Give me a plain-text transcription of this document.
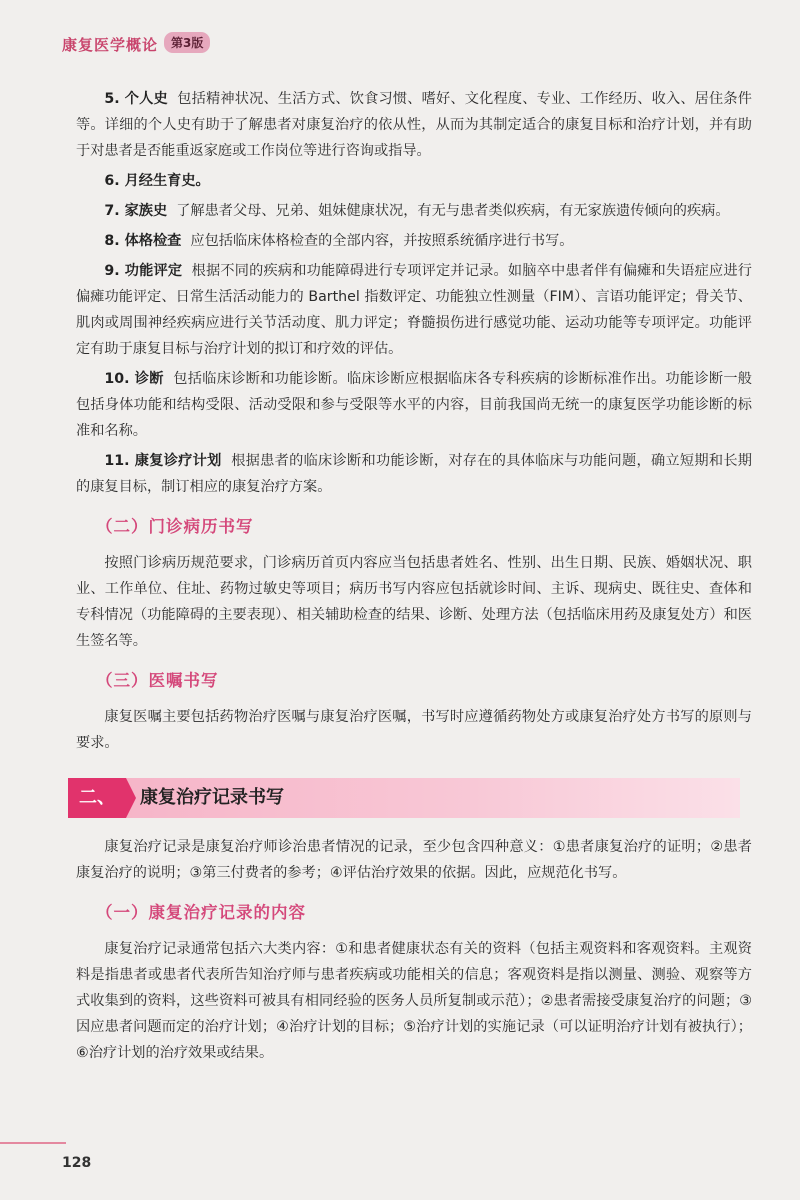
康复医学概论	第3版

5. 个人史 包括精神状况、生活方式、饮食习惯、嗜好、文化程度、专业、工作经历、收入、居住条件等。详细的个人史有助于了解患者对康复治疗的依从性，从而为其制定适合的康复目标和治疗计划，并有助于对患者是否能重返家庭或工作岗位等进行咨询或指导。

6. 月经生育史。

7. 家族史 了解患者父母、兄弟、姐妹健康状况，有无与患者类似疾病，有无家族遗传倾向的疾病。

8. 体格检查 应包括临床体格检查的全部内容，并按照系统循序进行书写。

9. 功能评定 根据不同的疾病和功能障碍进行专项评定并记录。如脑卒中患者伴有偏瘫和失语症应进行偏瘫功能评定、日常生活活动能力的 Barthel 指数评定、功能独立性测量（FIM）、言语功能评定；骨关节、肌肉或周围神经疾病应进行关节活动度、肌力评定；脊髓损伤进行感觉功能、运动功能等专项评定。功能评定有助于康复目标与治疗计划的拟订和疗效的评估。

10. 诊断 包括临床诊断和功能诊断。临床诊断应根据临床各专科疾病的诊断标准作出。功能诊断一般包括身体功能和结构受限、活动受限和参与受限等水平的内容，目前我国尚无统一的康复医学功能诊断的标准和名称。

11. 康复诊疗计划 根据患者的临床诊断和功能诊断，对存在的具体临床与功能问题，确立短期和长期的康复目标，制订相应的康复治疗方案。

（二）门诊病历书写

按照门诊病历规范要求，门诊病历首页内容应当包括患者姓名、性别、出生日期、民族、婚姻状况、职业、工作单位、住址、药物过敏史等项目；病历书写内容应包括就诊时间、主诉、现病史、既往史、查体和专科情况（功能障碍的主要表现）、相关辅助检查的结果、诊断、处理方法（包括临床用药及康复处方）和医生签名等。

（三）医嘱书写

康复医嘱主要包括药物治疗医嘱与康复治疗医嘱，书写时应遵循药物处方或康复治疗处方书写的原则与要求。

二、	康复治疗记录书写

康复治疗记录是康复治疗师诊治患者情况的记录，至少包含四种意义：①患者康复治疗的证明；②患者康复治疗的说明；③第三付费者的参考；④评估治疗效果的依据。因此，应规范化书写。

（一）康复治疗记录的内容

康复治疗记录通常包括六大类内容：①和患者健康状态有关的资料（包括主观资料和客观资料。主观资料是指患者或患者代表所告知治疗师与患者疾病或功能相关的信息；客观资料是指以测量、测验、观察等方式收集到的资料，这些资料可被具有相同经验的医务人员所复制或示范）；②患者需接受康复治疗的问题；③因应患者问题而定的治疗计划；④治疗计划的目标；⑤治疗计划的实施记录（可以证明治疗计划有被执行）；⑥治疗计划的治疗效果或结果。

128
